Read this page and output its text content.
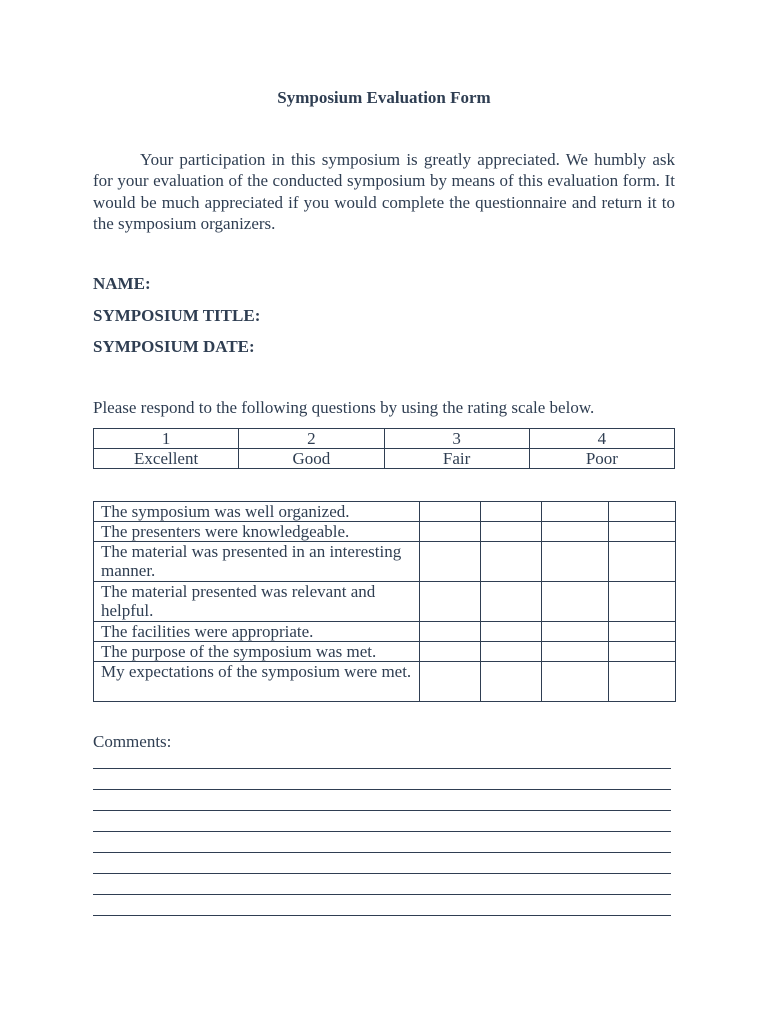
Symposium Evaluation Form

Your participation in this symposium is greatly appreciated. We humbly ask for your evaluation of the conducted symposium by means of this evaluation form. It would be much appreciated if you would complete the questionnaire and return it to the symposium organizers.

NAME:
SYMPOSIUM TITLE:
SYMPOSIUM DATE:
Please respond to the following questions by using the rating scale below.
1	2	3	4
Excellent	Good	Fair	Poor
The symposium was well organized.				
The presenters were knowledgeable.				
The material was presented in an interesting manner.				
The material presented was relevant and helpful.				
The facilities were appropriate.				
The purpose of the symposium was met.				
My expectations of the symposium were met.				
Comments:
